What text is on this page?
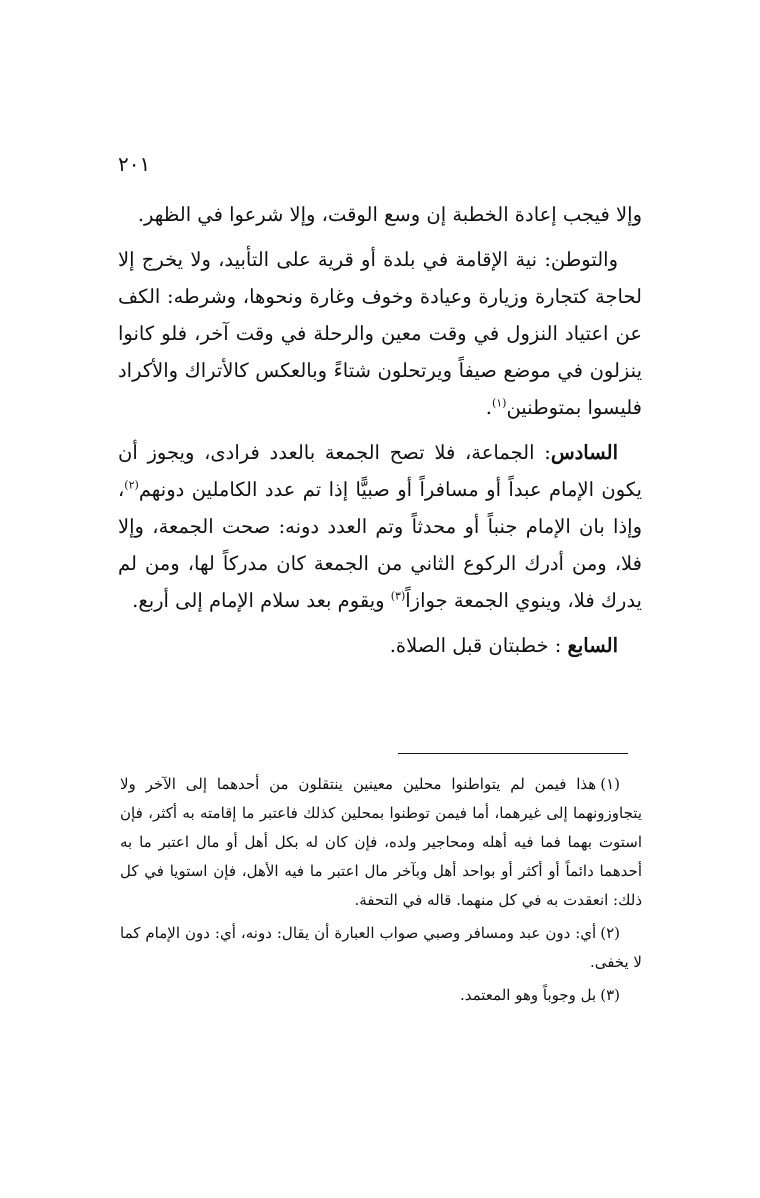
٢٠١

وإلا فيجب إعادة الخطبة إن وسع الوقت، وإلا شرعوا في الظهر.

والتوطن: نية الإقامة في بلدة أو قرية على التأبيد، ولا يخرج إلا لحاجة كتجارة وزيارة وعيادة وخوف وغارة ونحوها، وشرطه: الكف عن اعتياد النزول في وقت معين والرحلة في وقت آخر، فلو كانوا ينزلون في موضع صيفاً ويرتحلون شتاءً وبالعكس كالأتراك والأكراد فليسوا بمتوطنين$^{(١)}$.

السادس: الجماعة، فلا تصح الجمعة بالعدد فرادى، ويجوز أن يكون الإمام عبداً أو مسافراً أو صبيًّا إذا تم عدد الكاملين دونهم$^{(٢)}$، وإذا بان الإمام جنباً أو محدثاً وتم العدد دونه: صحت الجمعة، وإلا فلا، ومن أدرك الركوع الثاني من الجمعة كان مدركاً لها، ومن لم يدرك فلا، وينوي الجمعة جوازاً$^{(٣)}$ ويقوم بعد سلام الإمام إلى أربع.

السابع : خطبتان قبل الصلاة.

(١)هذا فيمن لم يتواطنوا محلين معينين ينتقلون من أحدهما إلى الآخر ولا يتجاوزونهما إلى غيرهما، أما فيمن توطنوا بمحلين كذلك فاعتبر ما إقامته به أكثر، فإن استوت بهما فما فيه أهله ومحاجير ولده، فإن كان له بكل أهل أو مال اعتبر ما به أحدهما دائماً أو أكثر أو بواحد أهل وبآخر مال اعتبر ما فيه الأهل، فإن استويا في كل ذلك: انعقدت به في كل منهما. قاله في التحفة.

(٢)أي: دون عبد ومسافر وصبي صواب العبارة أن يقال: دونه، أي: دون الإمام كما لا يخفى.

(٣)بل وجوباً وهو المعتمد.
